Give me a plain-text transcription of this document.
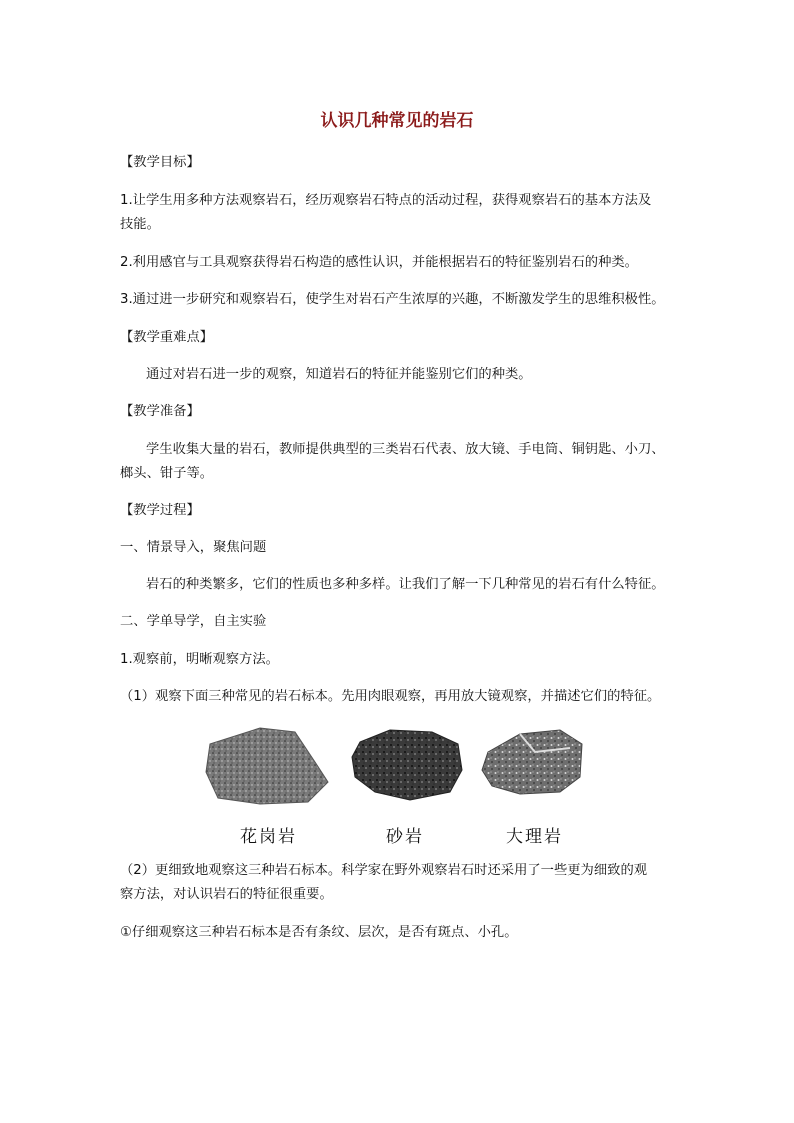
认识几种常见的岩石
【教学目标】
1.让学生用多种方法观察岩石，经历观察岩石特点的活动过程，获得观察岩石的基本方法及
技能。
2.利用感官与工具观察获得岩石构造的感性认识，并能根据岩石的特征鉴别岩石的种类。
3.通过进一步研究和观察岩石，使学生对岩石产生浓厚的兴趣，不断激发学生的思维积极性。
【教学重难点】
通过对岩石进一步的观察，知道岩石的特征并能鉴别它们的种类。
【教学准备】
学生收集大量的岩石，教师提供典型的三类岩石代表、放大镜、手电筒、铜钥匙、小刀、
榔头、钳子等。
【教学过程】
一、情景导入，聚焦问题
岩石的种类繁多，它们的性质也多种多样。让我们了解一下几种常见的岩石有什么特征。
二、学单导学，自主实验
1.观察前，明晰观察方法。
（1）观察下面三种常见的岩石标本。先用肉眼观察，再用放大镜观察，并描述它们的特征。
花岗岩	砂岩	大理岩
（2）更细致地观察这三种岩石标本。科学家在野外观察岩石时还采用了一些更为细致的观
察方法，对认识岩石的特征很重要。
①仔细观察这三种岩石标本是否有条纹、层次，是否有斑点、小孔。
